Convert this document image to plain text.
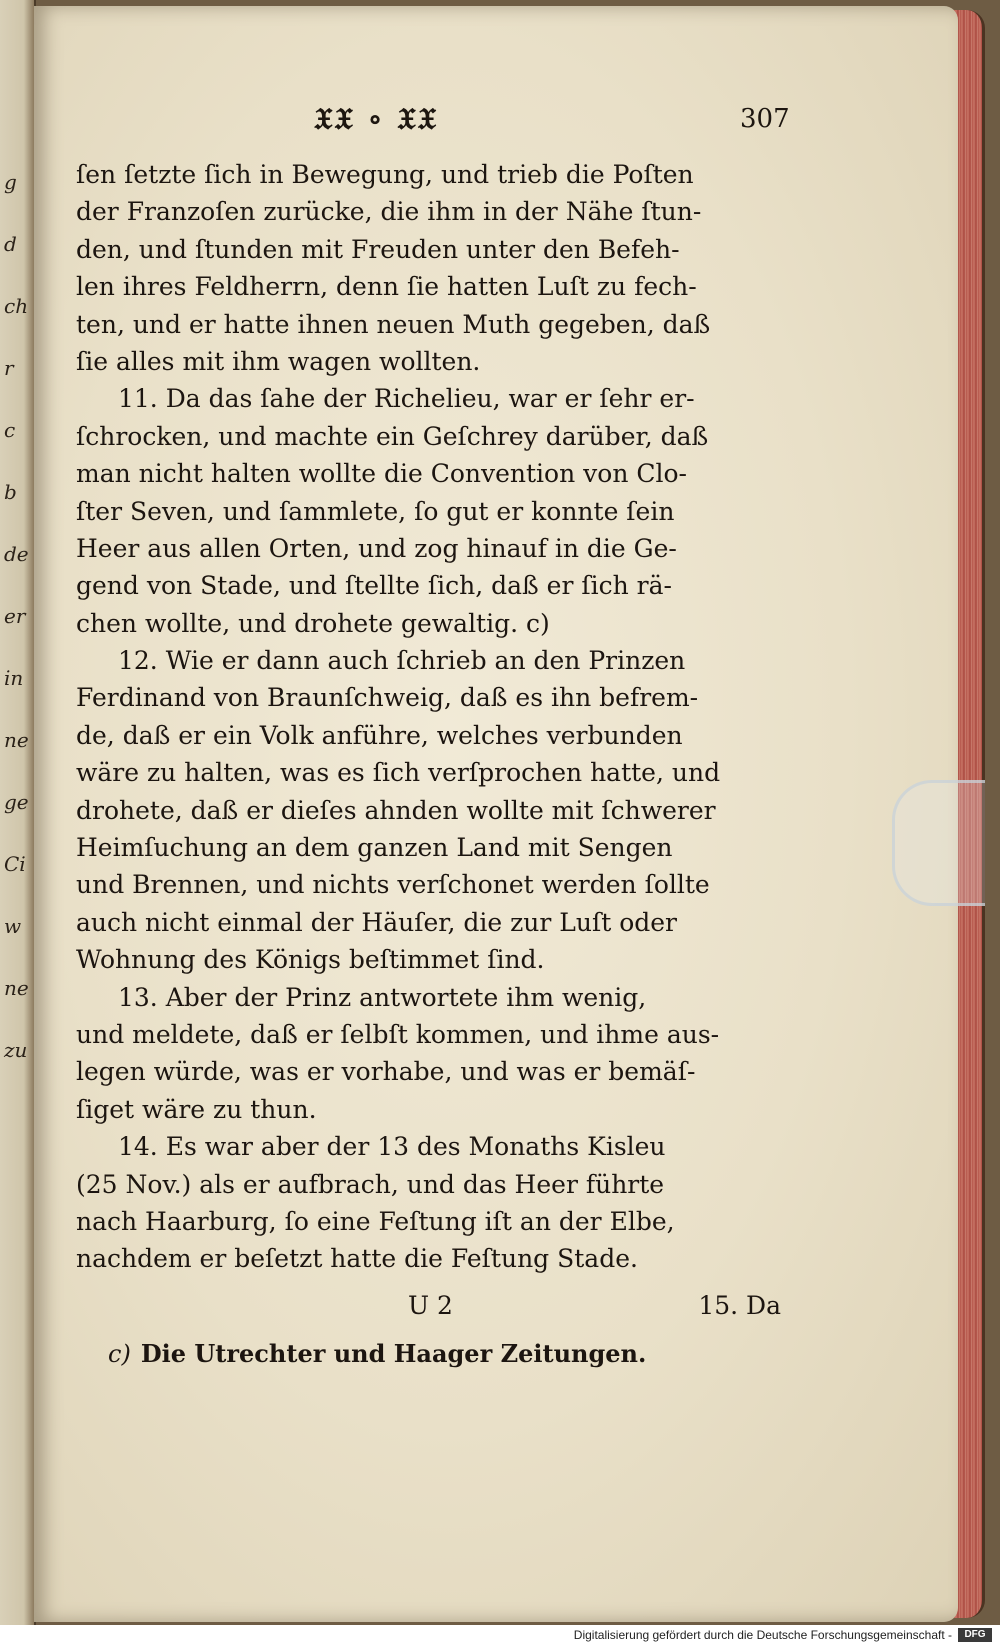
g
d
ch
r
c
b
de
er
in
ne
ge
Ci
w
ne
zu
𝔛𝔛 ∘ 𝔛𝔛	307
ſen ſetzte ſich in Bewegung, und trieb die Poſten
der Franzoſen zurücke, die ihm in der Nähe ſtun-
den, und ſtunden mit Freuden unter den Befeh-
len ihres Feldherrn, denn ſie hatten Luſt zu fech-
ten, und er hatte ihnen neuen Muth gegeben, daß
ſie alles mit ihm wagen wollten.
11. Da das ſahe der Richelieu, war er ſehr er-
ſchrocken, und machte ein Geſchrey darüber, daß
man nicht halten wollte die Convention von Clo-
ſter Seven, und ſammlete, ſo gut er konnte ſein
Heer aus allen Orten, und zog hinauf in die Ge-
gend von Stade, und ſtellte ſich, daß er ſich rä-
chen wollte, und drohete gewaltig. c)
12. Wie er dann auch ſchrieb an den Prinzen
Ferdinand von Braunſchweig, daß es ihn befrem-
de, daß er ein Volk anführe, welches verbunden
wäre zu halten, was es ſich verſprochen hatte, und
drohete, daß er dieſes ahnden wollte mit ſchwerer
Heimſuchung an dem ganzen Land mit Sengen
und Brennen, und nichts verſchonet werden ſollte
auch nicht einmal der Häuſer, die zur Luſt oder
Wohnung des Königs beſtimmet ſind.
13. Aber der Prinz antwortete ihm wenig,
und meldete, daß er ſelbſt kommen, und ihme aus-
legen würde, was er vorhabe, und was er bemäſ-
ſiget wäre zu thun.
14. Es war aber der 13 des Monaths Kisleu
(25 Nov.) als er aufbrach, und das Heer führte
nach Haarburg, ſo eine Feſtung iſt an der Elbe,
nachdem er beſetzt hatte die Feſtung Stade.
U 2	15. Da
c) Die Utrechter und Haager Zeitungen.
Digitalisierung gefördert durch die Deutsche Forschungsgemeinschaft -	DFG
